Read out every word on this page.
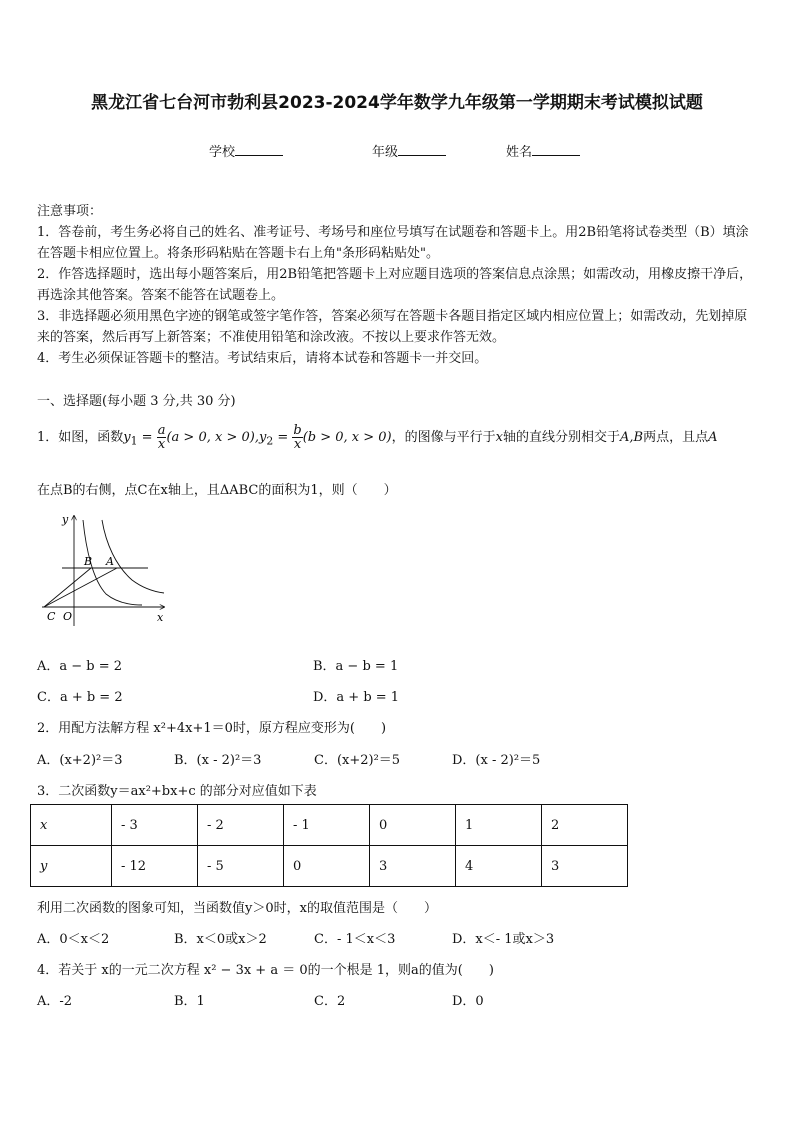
黑龙江省七台河市勃利县2023-2024学年数学九年级第一学期期末考试模拟试题
学校	年级	姓名
注意事项：
1．答卷前，考生务必将自己的姓名、准考证号、考场号和座位号填写在试题卷和答题卡上。用2B铅笔将试卷类型（B）填涂在答题卡相应位置上。将条形码粘贴在答题卡右上角"条形码粘贴处"。
2．作答选择题时，选出每小题答案后，用2B铅笔把答题卡上对应题目选项的答案信息点涂黑；如需改动，用橡皮擦干净后，再选涂其他答案。答案不能答在试题卷上。
3．非选择题必须用黑色字迹的钢笔或签字笔作答，答案必须写在答题卡各题目指定区域内相应位置上；如需改动，先划掉原来的答案，然后再写上新答案；不准使用铅笔和涂改液。不按以上要求作答无效。
4．考生必须保证答题卡的整洁。考试结束后，请将本试卷和答题卡一并交回。
一、选择题(每小题 3 分,共 30 分)
1．如图，函数$y_1 = \frac{a}{x} (a > 0$, $x > 0),y_2 = \frac{b}{x} (b > 0$, x > 0)，的图像与平行于x轴的直线分别相交于A,B两点，且点A
在点B的右侧，点C在x轴上，且ΔABC的面积为1，则（　　）
y
x
B A
C O
A．a − b = 2	B．a − b = 1
C．a + b = 2	D．a + b = 1
2．用配方法解方程 x²+4x+1＝0时，原方程应变形为(　　)
A．(x+2)²＝3	B．(x - 2)²＝3	C．(x+2)²＝5	D．(x - 2)²＝5
3．二次函数y＝ax²+bx+c 的部分对应值如下表
x	- 3	- 2	- 1	0	1	2
y	- 12	- 5	0	3	4	3
利用二次函数的图象可知，当函数值y＞0时，x的取值范围是（　　）
A．0＜x＜2	B．x＜0或x＞2	C．- 1＜x＜3	D．x＜- 1或x＞3
4．若关于 x的一元二次方程 x² − 3x + a ＝ 0的一个根是 1，则a的值为(　　)
A．-2	B．1	C．2	D．0
